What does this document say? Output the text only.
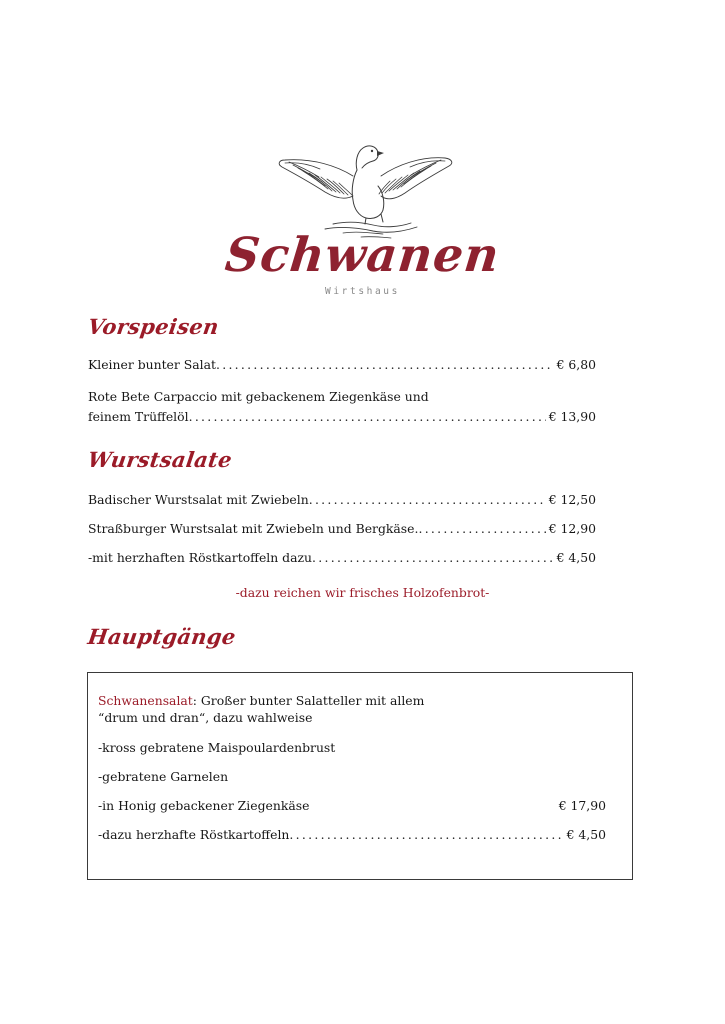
Schwanen
Wirtshaus
Vorspeisen
Kleiner bunter Salat .....	€ 6,80
Rote Bete Carpaccio mit gebackenem Ziegenkäse und
feinem Trüffelöl .....	€ 13,90
Wurstsalate
Badischer Wurstsalat mit Zwiebeln .....	€ 12,50
Straßburger Wurstsalat mit Zwiebeln und Bergkäse. .....	€ 12,90
-mit herzhaften Röstkartoffeln dazu .....	€ 4,50
-dazu reichen wir frisches Holzofenbrot-
Hauptgänge
Schwanensalat: Großer bunter Salatteller mit allem
“drum und dran“, dazu wahlweise
-kross gebratene Maispoulardenbrust
-gebratene Garnelen
-in Honig gebackener Ziegenkäse	€ 17,90
-dazu herzhafte Röstkartoffeln .....	€ 4,50
